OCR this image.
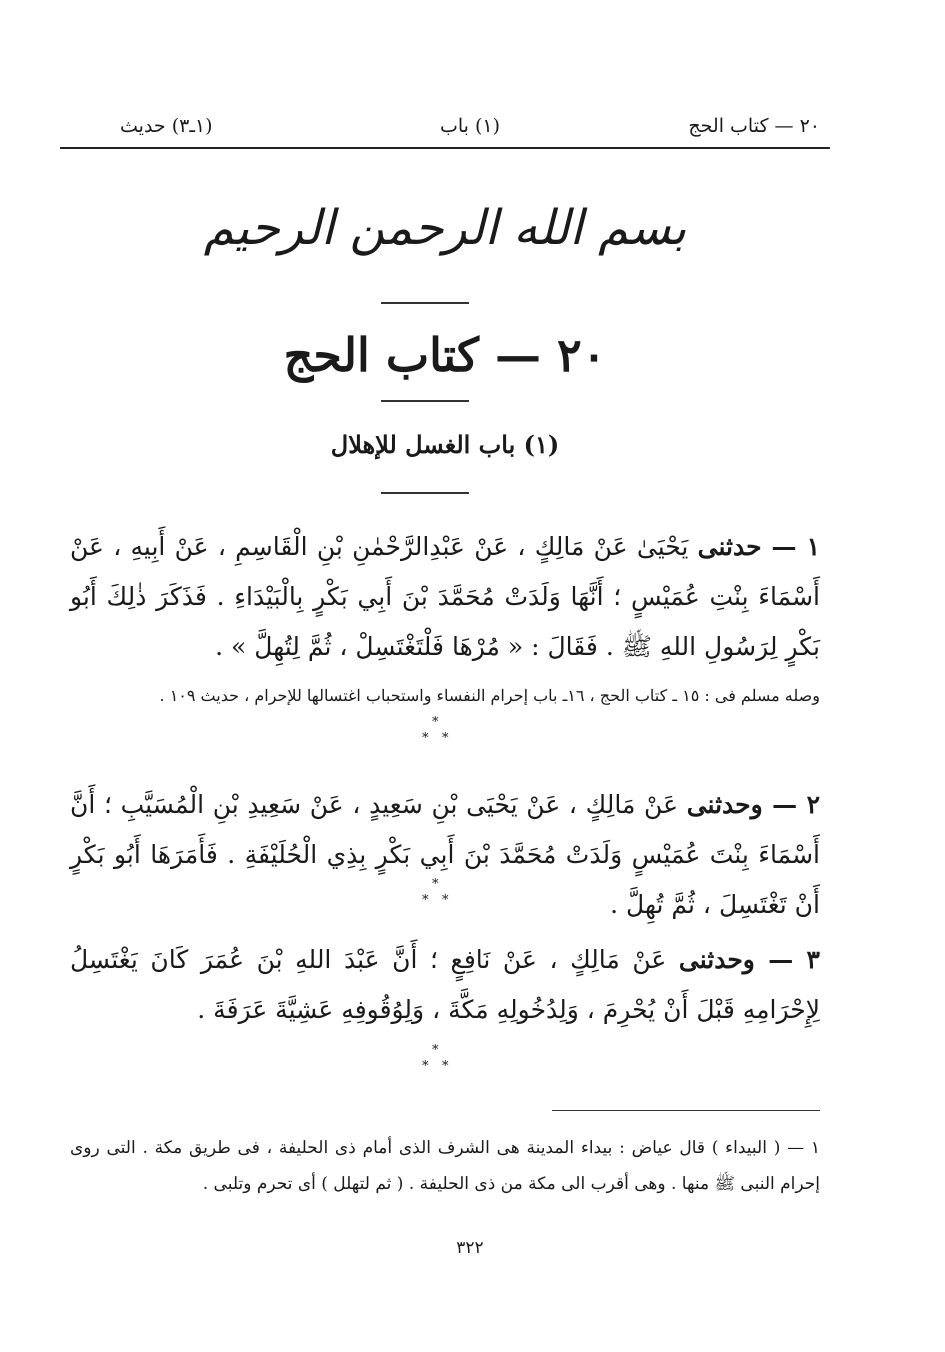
٢٠ — كتاب الحج
(١) باب
(١ـ٣) حديث
بسم الله الرحمن الرحيم
٢٠ — كتاب الحج
(١) باب الغسل للإهلال
١ — حدثنى يَحْيَىٰ عَنْ مَالِكٍ ، عَنْ عَبْدِالرَّحْمٰنِ بْنِ الْقَاسِمِ ، عَنْ أَبِيهِ ، عَنْ أَسْمَاءَ بِنْتِ عُمَيْسٍ ؛ أَنَّهَا وَلَدَتْ مُحَمَّدَ بْنَ أَبِي بَكْرٍ بِالْبَيْدَاءِ . فَذَكَرَ ذٰلِكَ أَبُو بَكْرٍ لِرَسُولِ اللهِ ﷺ . فَقَالَ : « مُرْهَا فَلْتَغْتَسِلْ ، ثُمَّ لِتُهِلَّ » .
وصله مسلم فى : ١٥ ـ كتاب الحج ، ١٦ـ باب إحرام النفساء واستحباب اغتسالها للإحرام ، حديث ١٠٩ .
*
* *
٢ — وحدثنى عَنْ مَالِكٍ ، عَنْ يَحْيَى بْنِ سَعِيدٍ ، عَنْ سَعِيدِ بْنِ الْمُسَيَّبِ ؛ أَنَّ أَسْمَاءَ بِنْتَ عُمَيْسٍ وَلَدَتْ مُحَمَّدَ بْنَ أَبِي بَكْرٍ بِذِي الْحُلَيْفَةِ . فَأَمَرَهَا أَبُو بَكْرٍ أَنْ تَغْتَسِلَ ، ثُمَّ تُهِلَّ .
*
* *
٣ — وحدثنى عَنْ مَالِكٍ ، عَنْ نَافِعٍ ؛ أَنَّ عَبْدَ اللهِ بْنَ عُمَرَ كَانَ يَغْتَسِلُ لِإِحْرَامِهِ قَبْلَ أَنْ يُحْرِمَ ، وَلِدُخُولِهِ مَكَّةَ ، وَلِوُقُوفِهِ عَشِيَّةَ عَرَفَةَ .
*
* *
١ — ( البيداء ) قال عياض : بيداء المدينة هى الشرف الذى أمام ذى الحليفة ، فى طريق مكة . التى روى إحرام النبى ﷺ منها . وهى أقرب الى مكة من ذى الحليفة . ( ثم لتهلل ) أى تحرم وتلبى .
٣٢٢
